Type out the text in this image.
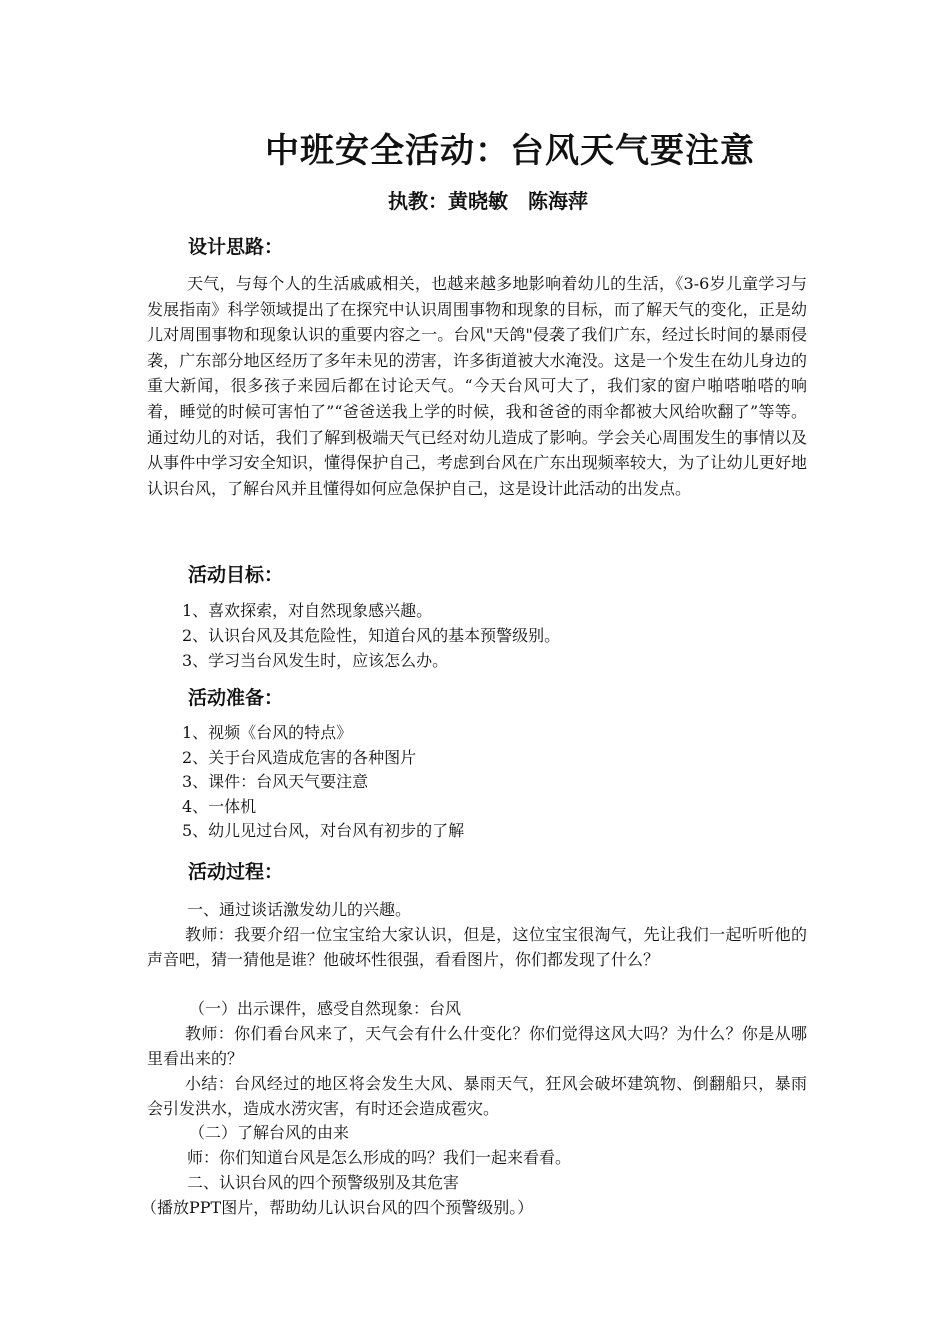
中班安全活动：台风天气要注意
执教：黄晓敏 陈海萍
设计思路：
天气，与每个人的生活戚戚相关，也越来越多地影响着幼儿的生活，《3-6岁儿童学习与发展指南》科学领域提出了在探究中认识周围事物和现象的目标，而了解天气的变化，正是幼儿对周围事物和现象认识的重要内容之一。台风"天鸽"侵袭了我们广东，经过长时间的暴雨侵袭，广东部分地区经历了多年未见的涝害，许多街道被大水淹没。这是一个发生在幼儿身边的重大新闻，很多孩子来园后都在讨论天气。“今天台风可大了，我们家的窗户啪嗒啪嗒的响着，睡觉的时候可害怕了”“爸爸送我上学的时候，我和爸爸的雨伞都被大风给吹翻了”等等。通过幼儿的对话，我们了解到极端天气已经对幼儿造成了影响。学会关心周围发生的事情以及从事件中学习安全知识，懂得保护自己，考虑到台风在广东出现频率较大，为了让幼儿更好地认识台风，了解台风并且懂得如何应急保护自己，这是设计此活动的出发点。
活动目标：
1、喜欢探索，对自然现象感兴趣。
2、认识台风及其危险性，知道台风的基本预警级别。
3、学习当台风发生时，应该怎么办。
活动准备：
1、视频《台风的特点》
2、关于台风造成危害的各种图片
3、课件：台风天气要注意
4、一体机
5、幼儿见过台风，对台风有初步的了解
活动过程：
一、通过谈话激发幼儿的兴趣。
教师：我要介绍一位宝宝给大家认识，但是，这位宝宝很淘气，先让我们一起听听他的声音吧，猜一猜他是谁？他破坏性很强，看看图片，你们都发现了什么？
（一）出示课件，感受自然现象：台风
教师：你们看台风来了，天气会有什么什变化？你们觉得这风大吗？为什么？你是从哪里看出来的？
小结：台风经过的地区将会发生大风、暴雨天气，狂风会破坏建筑物、倒翻船只，暴雨会引发洪水，造成水涝灾害，有时还会造成雹灾。
（二）了解台风的由来
师：你们知道台风是怎么形成的吗？我们一起来看看。
二、认识台风的四个预警级别及其危害
（播放PPT图片，帮助幼儿认识台风的四个预警级别。）
